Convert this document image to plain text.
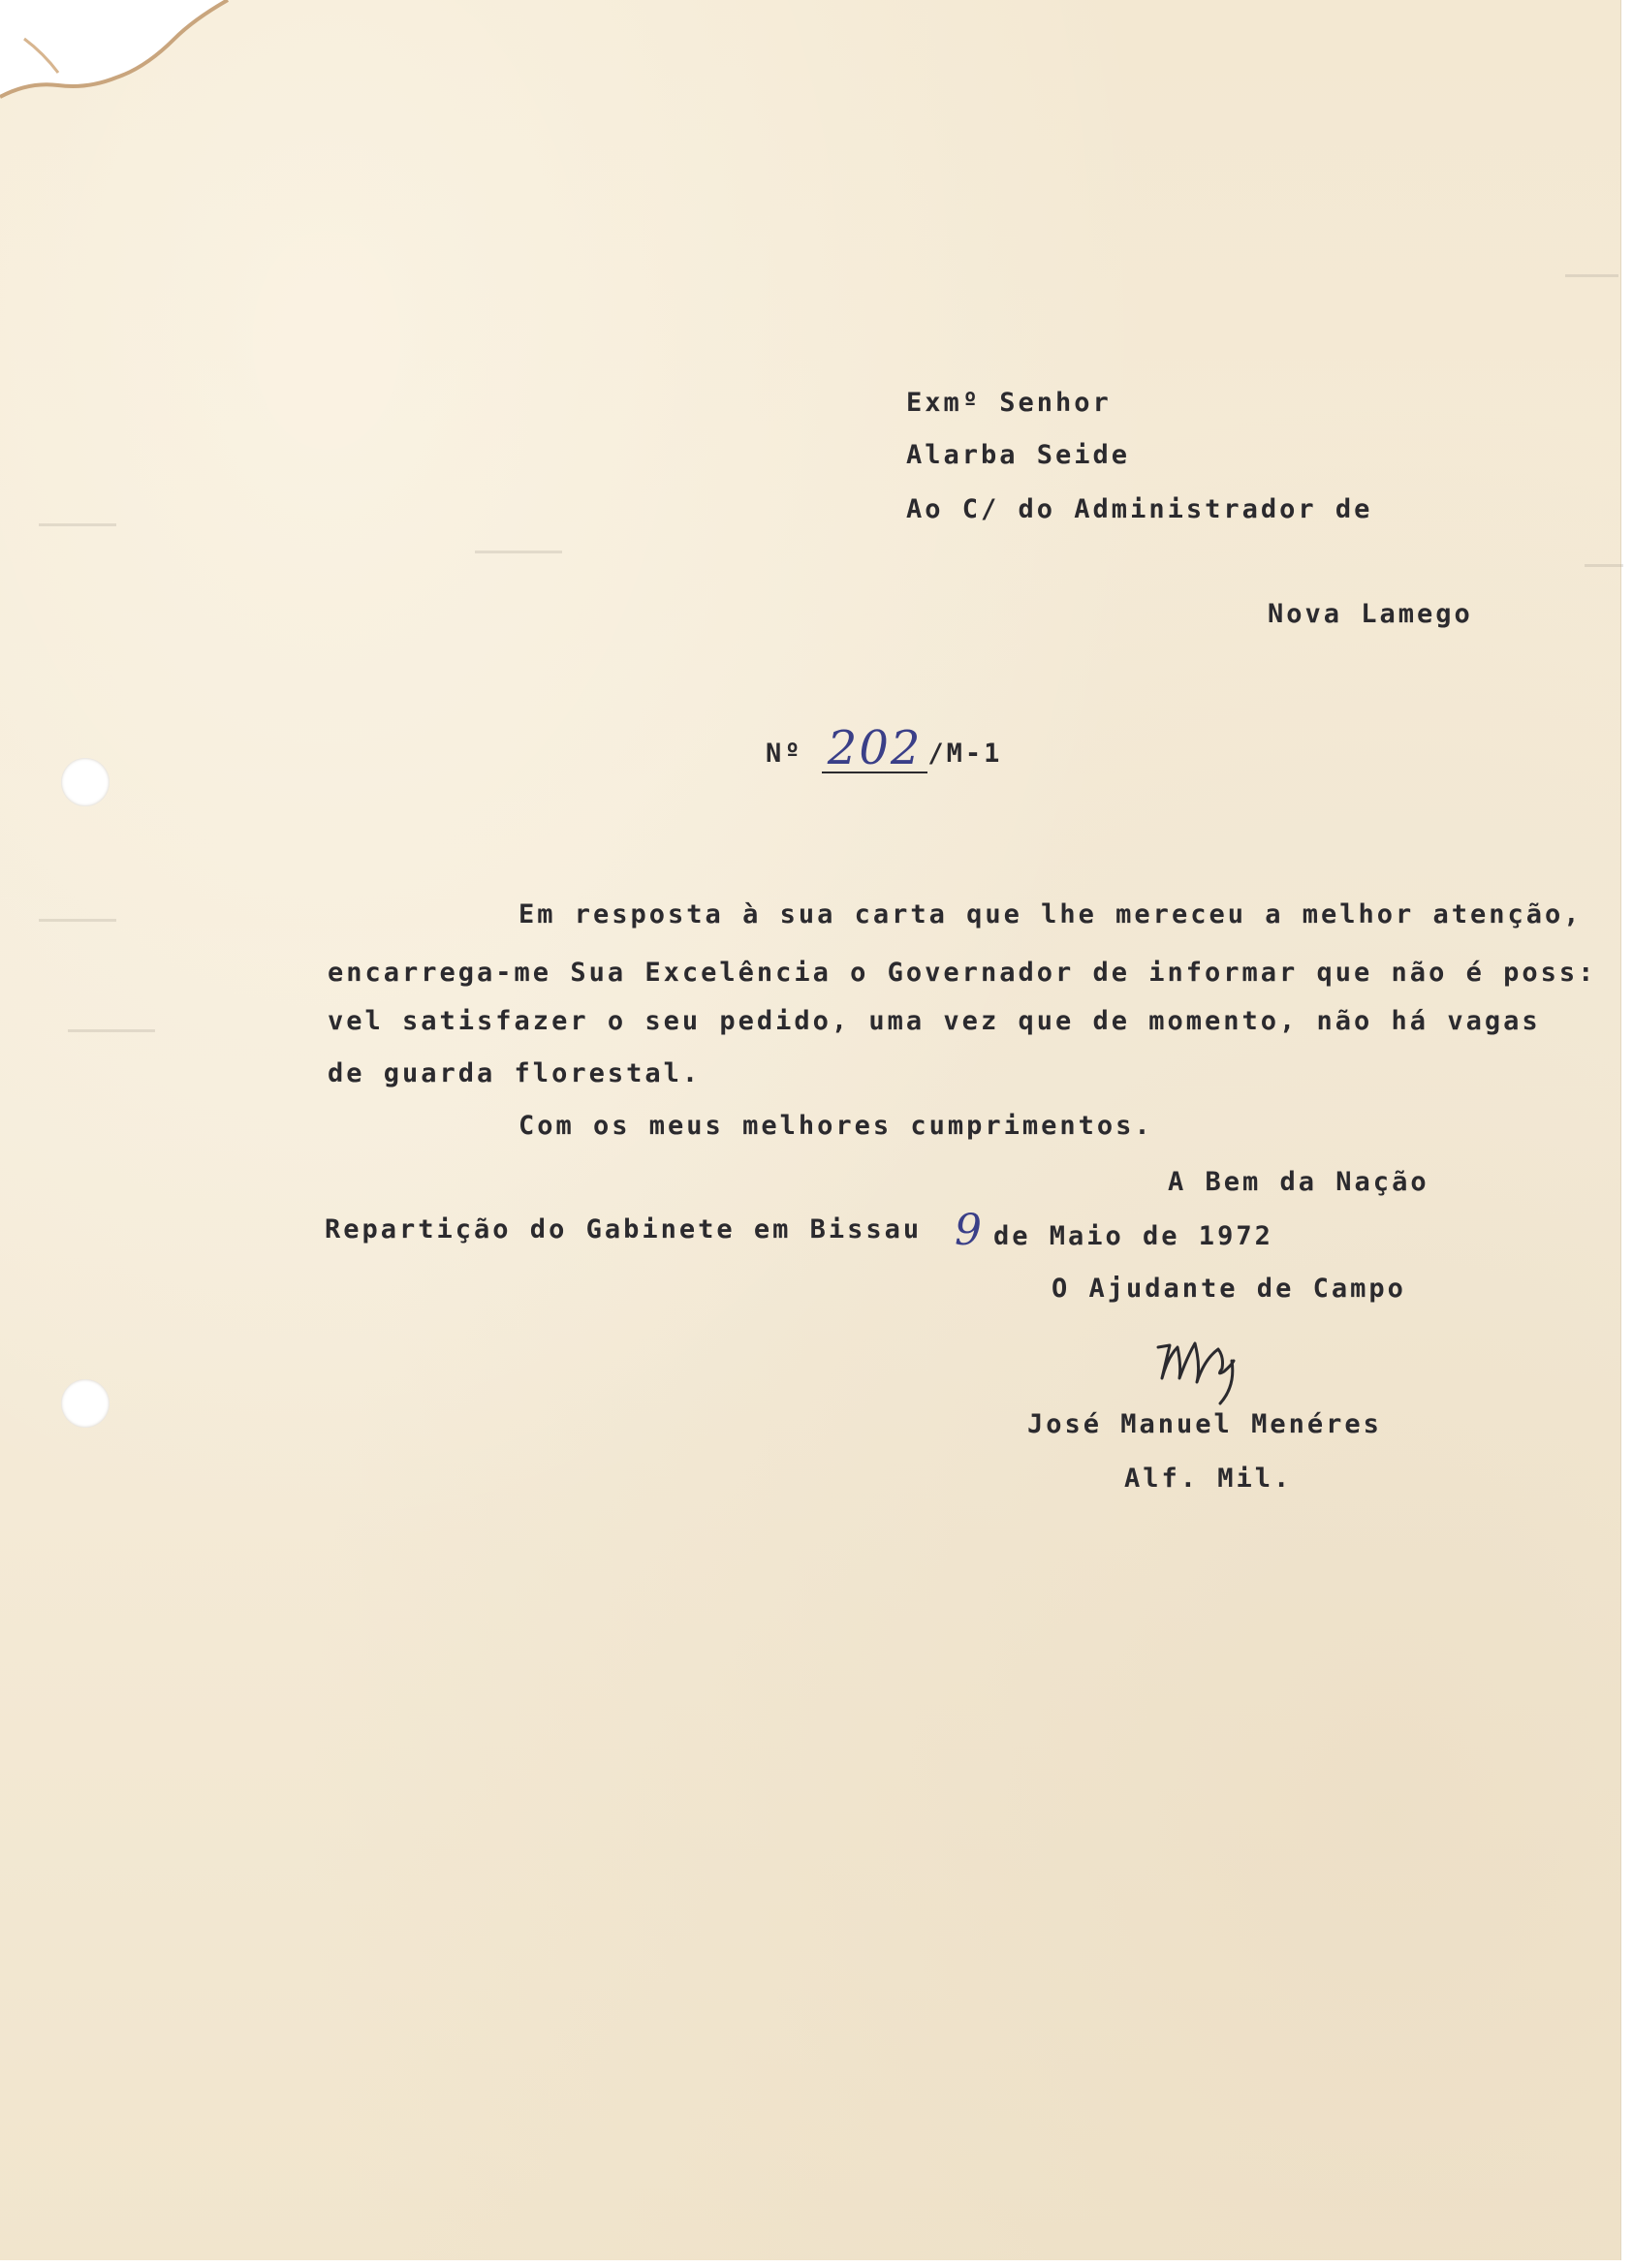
Exmº Senhor
Alarba Seide
Ao C/ do Administrador de
Nova Lamego
Nº 202 /M-1
Em resposta à sua carta que lhe mereceu a melhor atenção,
encarrega-me Sua Excelência o Governador de informar que não é poss:
vel satisfazer o seu pedido, uma vez que de momento, não há vagas
de guarda florestal.
Com os meus melhores cumprimentos.
A Bem da Nação
Repartição do Gabinete em Bissau 9 de Maio de 1972
O Ajudante de Campo
José Manuel Menéres
Alf. Mil.
